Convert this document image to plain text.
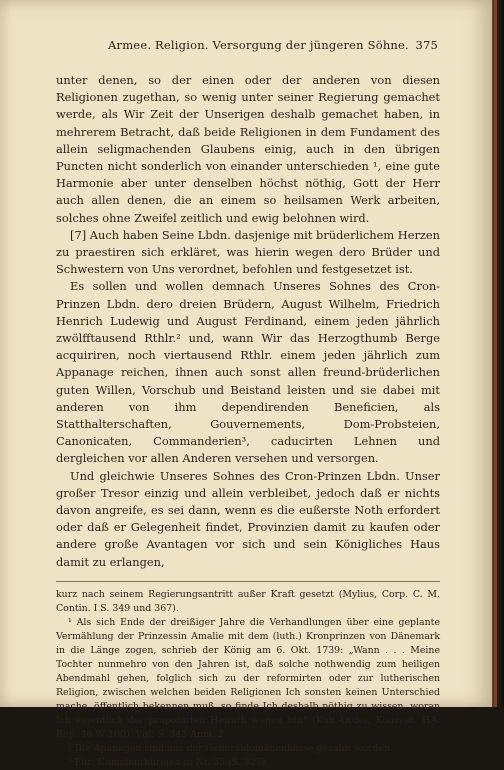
Armee. Religion. Versorgung der jüngeren Söhne. 375

unter denen, so der einen oder der anderen von diesen Religionen zugethan, so wenig unter seiner Regierung gemachet werde, als Wir Zeit der Unserigen deshalb gemachet haben, in mehrerem Betracht, daß beide Religionen in dem Fundament des allein seligmachenden Glaubens einig, auch in den übrigen Puncten nicht sonderlich von einander unterschieden ¹, eine gute Harmonie aber unter denselben höchst nöthig, Gott der Herr auch allen denen, die an einem so heilsamen Werk arbeiten, solches ohne Zweifel zeitlich und ewig belohnen wird.

[7] Auch haben Seine Lbdn. dasjenige mit brüderlichem Herzen zu praestiren sich erkläret, was hierin wegen dero Brüder und Schwestern von Uns verordnet, befohlen und festgesetzet ist.

Es sollen und wollen demnach Unseres Sohnes des Cron-Prinzen Lbdn. dero dreien Brüdern, August Wilhelm, Friedrich Henrich Ludewig und August Ferdinand, einem jeden jährlich zwölfftausend Rthlr.² und, wann Wir das Herzogthumb Berge acquiriren, noch viertausend Rthlr. einem jeden jährlich zum Appanage reichen, ihnen auch sonst allen freund-brüderlichen guten Willen, Vorschub und Beistand leisten und sie dabei mit anderen von ihm dependirenden Beneficien, als Statthalterschaften, Gouvernements, Dom-Probsteien, Canonicaten, Commanderien³, caducirten Lehnen und dergleichen vor allen Anderen versehen und versorgen.

Und gleichwie Unseres Sohnes des Cron-Prinzen Lbdn. Unser großer Tresor einzig und allein verbleibet, jedoch daß er nichts davon angreife, es sei dann, wenn es die eußerste Noth erfordert oder daß er Gelegenheit findet, Provinzien damit zu kaufen oder andere große Avantagen vor sich und sein Königliches Haus damit zu erlangen,

kurz nach seinem Regierungsantritt außer Kraft gesetzt (Mylius, Corp. C. M. Contin. I S. 349 und 367).

¹ Als sich Ende der dreißiger Jahre die Verhandlungen über eine geplante Vermählung der Prinzessin Amalie mit dem (luth.) Kronprinzen von Dänemark in die Länge zogen, schrieb der König am 6. Okt. 1739: „Wann . . . Meine Tochter nunmehro von den Jahren ist, daß solche nothwendig zum heiligen Abendmahl gehen, folglich sich zu der reformirten oder zur lutherischen Religion, zwischen welchen beiden Religionen Ich sonsten keinen Unterschied mache, öffentlich bekennen muß, so finde Ich deshalb nöthig zu wissen, woran Ich eigentlich der proponirten Heirath wegen bin“ (Kab.-Order, Konzept. HA. Rep. 46 W 100). Vgl. S. 345 Anm. 2.

² Die Apanagen sind aus der Generaldomänenkasse gezahlt worden.

³ Für: Commenthureien in Nr. 35 (S. 327).
